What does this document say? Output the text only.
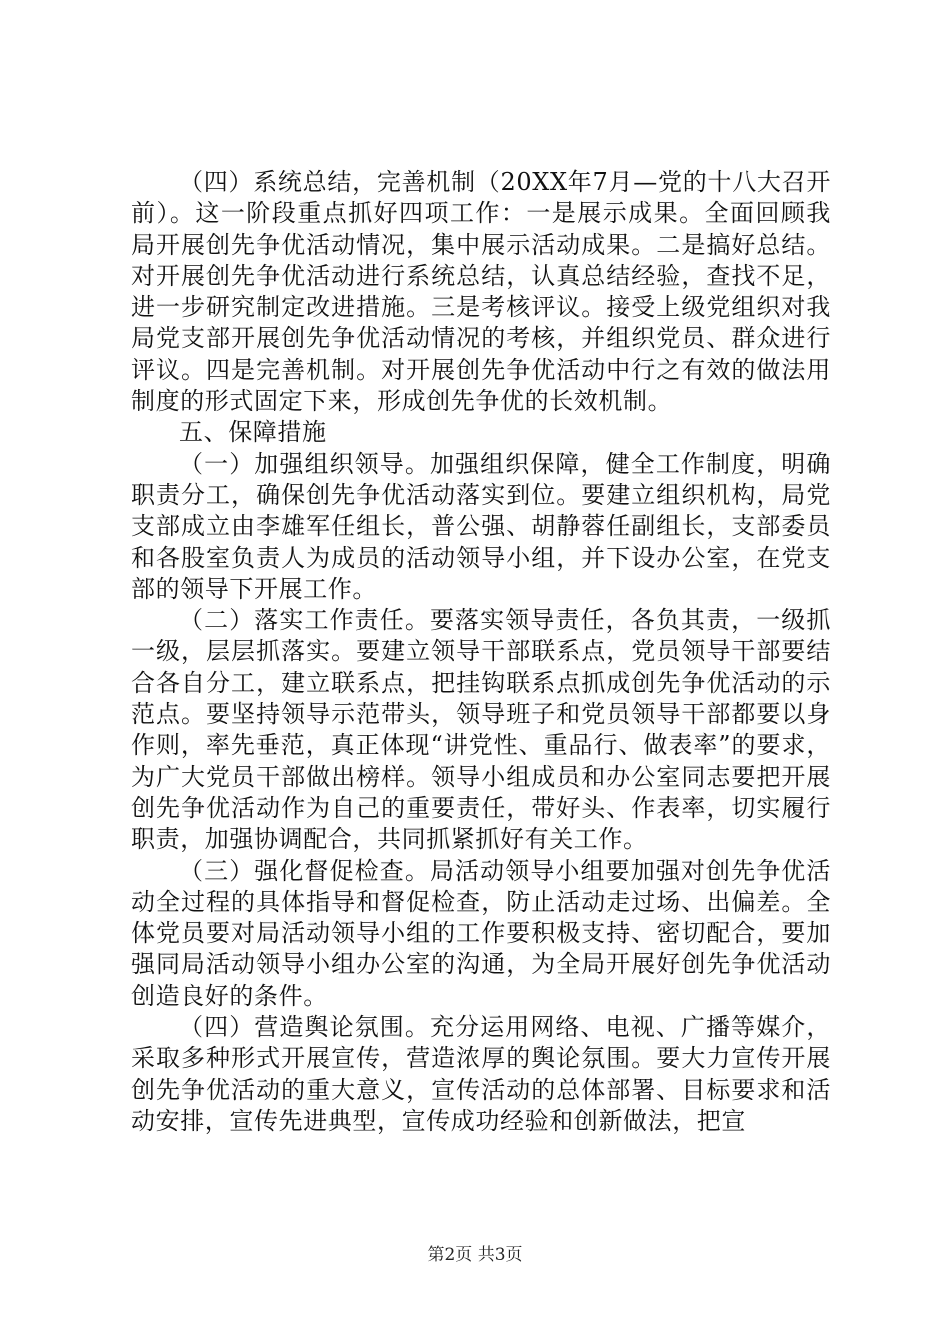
（四）系统总结，完善机制（20XX年7月—党的十八大召开前）。这一阶段重点抓好四项工作：一是展示成果。全面回顾我局开展创先争优活动情况，集中展示活动成果。二是搞好总结。对开展创先争优活动进行系统总结，认真总结经验，查找不足，进一步研究制定改进措施。三是考核评议。接受上级党组织对我局党支部开展创先争优活动情况的考核，并组织党员、群众进行评议。四是完善机制。对开展创先争优活动中行之有效的做法用制度的形式固定下来，形成创先争优的长效机制。

五、保障措施

（一）加强组织领导。加强组织保障，健全工作制度，明确职责分工，确保创先争优活动落实到位。要建立组织机构，局党支部成立由李雄军任组长，普公强、胡静蓉任副组长，支部委员和各股室负责人为成员的活动领导小组，并下设办公室，在党支部的领导下开展工作。

（二）落实工作责任。要落实领导责任，各负其责，一级抓一级，层层抓落实。要建立领导干部联系点，党员领导干部要结合各自分工，建立联系点，把挂钩联系点抓成创先争优活动的示范点。要坚持领导示范带头，领导班子和党员领导干部都要以身作则，率先垂范，真正体现“讲党性、重品行、做表率”的要求，为广大党员干部做出榜样。领导小组成员和办公室同志要把开展创先争优活动作为自己的重要责任，带好头、作表率，切实履行职责，加强协调配合，共同抓紧抓好有关工作。

（三）强化督促检查。局活动领导小组要加强对创先争优活动全过程的具体指导和督促检查，防止活动走过场、出偏差。全体党员要对局活动领导小组的工作要积极支持、密切配合，要加强同局活动领导小组办公室的沟通，为全局开展好创先争优活动创造良好的条件。

（四）营造舆论氛围。充分运用网络、电视、广播等媒介，采取多种形式开展宣传，营造浓厚的舆论氛围。要大力宣传开展创先争优活动的重大意义，宣传活动的总体部署、目标要求和活动安排，宣传先进典型，宣传成功经验和创新做法，把宣

第2页 共3页
